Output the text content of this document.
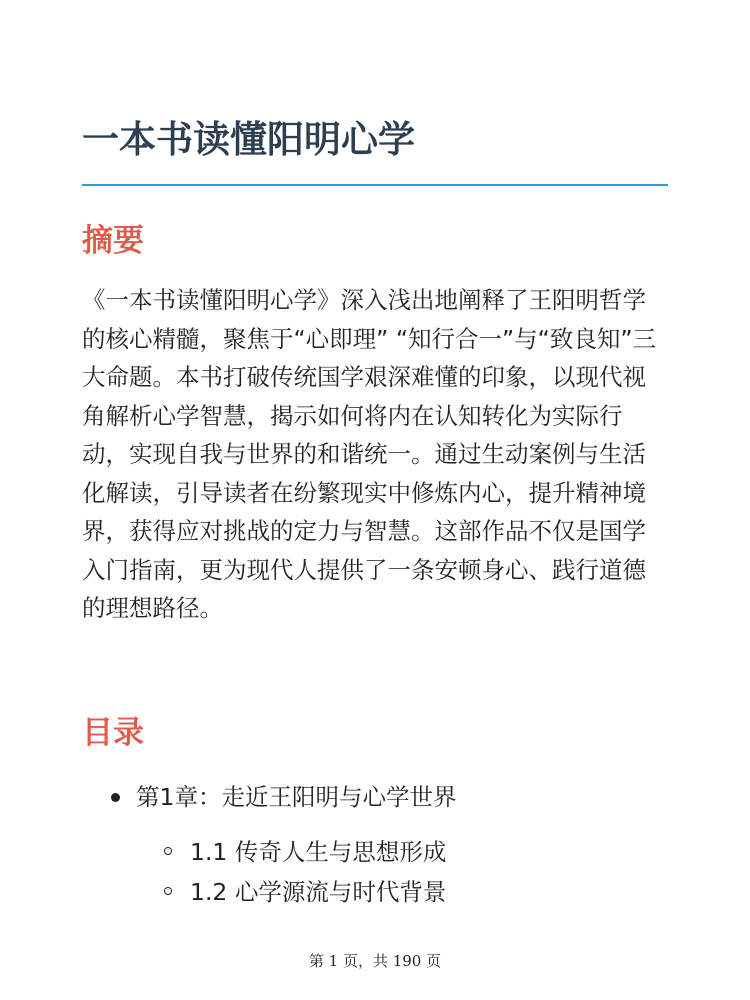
一本书读懂阳明心学
摘要

《一本书读懂阳明心学》深入浅出地阐释了王阳明哲学的核心精髓，聚焦于“心即理” “知行合一”与“致良知”三大命题。本书打破传统国学艰深难懂的印象，以现代视角解析心学智慧，揭示如何将内在认知转化为实际行动，实现自我与世界的和谐统一。通过生动案例与生活化解读，引导读者在纷繁现实中修炼内心，提升精神境界，获得应对挑战的定力与智慧。这部作品不仅是国学入门指南，更为现代人提供了一条安顿身心、践行道德的理想路径。

目录
第1章：走近王阳明与心学世界
1.1 传奇人生与思想形成
1.2 心学源流与时代背景
第 1 页，共 190 页
